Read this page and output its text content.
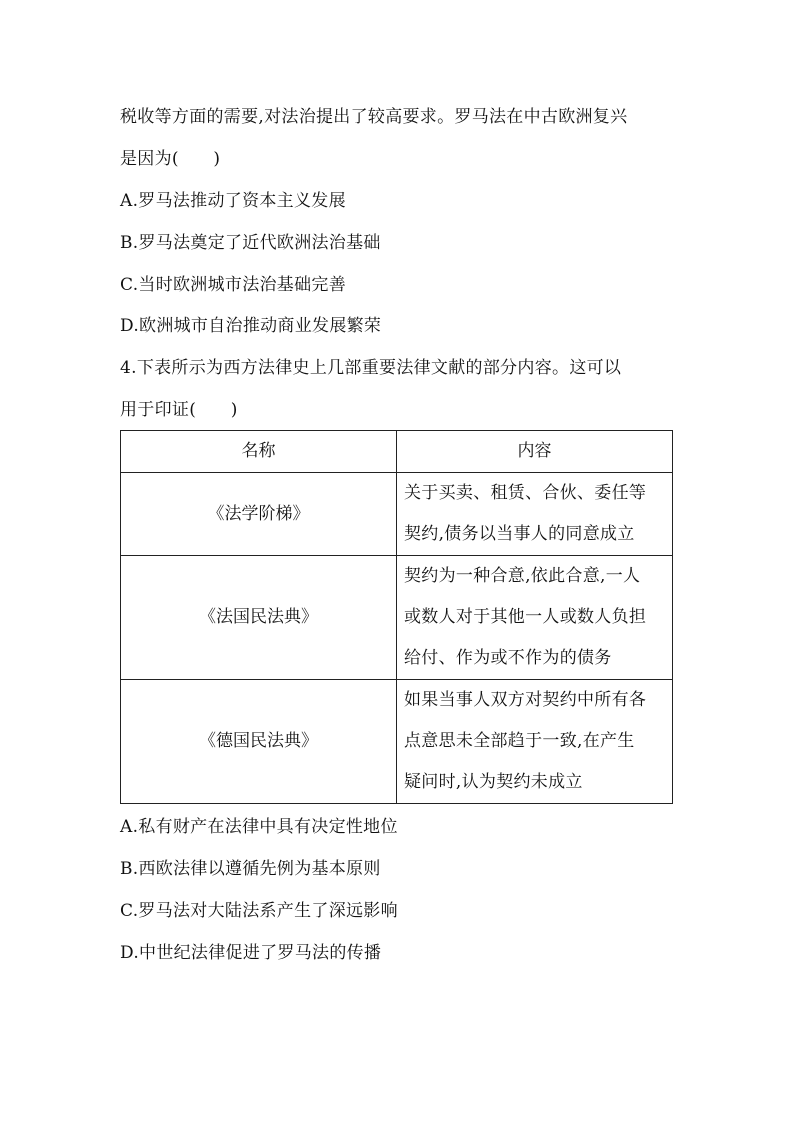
税收等方面的需要,对法治提出了较高要求。罗马法在中古欧洲复兴
是因为(　　)
A.罗马法推动了资本主义发展
B.罗马法奠定了近代欧洲法治基础
C.当时欧洲城市法治基础完善
D.欧洲城市自治推动商业发展繁荣
4.下表所示为西方法律史上几部重要法律文献的部分内容。这可以
用于印证(　　)
名称	内容
《法学阶梯》	关于买卖、租赁、合伙、委任等
契约,债务以当事人的同意成立

《法国民法典》	契约为一种合意,依此合意,一人
或数人对于其他一人或数人负担
给付、作为或不作为的债务

《德国民法典》	如果当事人双方对契约中所有各
点意思未全部趋于一致,在产生
疑问时,认为契约未成立
A.私有财产在法律中具有决定性地位
B.西欧法律以遵循先例为基本原则
C.罗马法对大陆法系产生了深远影响
D.中世纪法律促进了罗马法的传播
